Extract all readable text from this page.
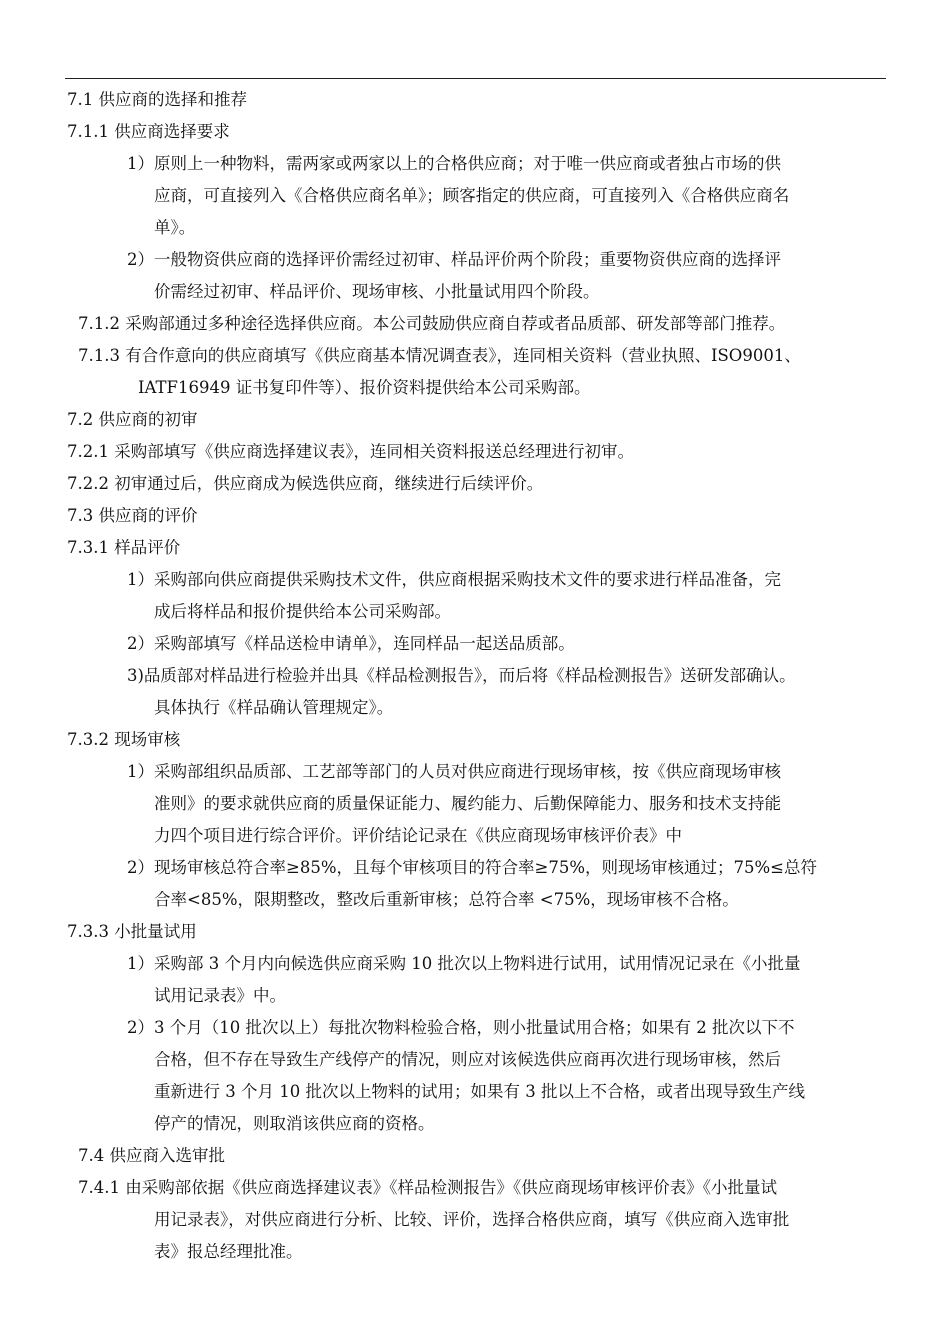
7.1 供应商的选择和推荐
7.1.1 供应商选择要求
1）原则上一种物料，需两家或两家以上的合格供应商；对于唯一供应商或者独占市场的供
应商，可直接列入《合格供应商名单》；顾客指定的供应商，可直接列入《合格供应商名
单》。
2）一般物资供应商的选择评价需经过初审、样品评价两个阶段；重要物资供应商的选择评
价需经过初审、样品评价、现场审核、小批量试用四个阶段。
7.1.2 采购部通过多种途径选择供应商。本公司鼓励供应商自荐或者品质部、研发部等部门推荐。
7.1.3 有合作意向的供应商填写《供应商基本情况调查表》，连同相关资料（营业执照、ISO9001、
IATF16949 证书复印件等）、报价资料提供给本公司采购部。
7.2 供应商的初审
7.2.1 采购部填写《供应商选择建议表》，连同相关资料报送总经理进行初审。
7.2.2 初审通过后，供应商成为候选供应商，继续进行后续评价。
7.3 供应商的评价
7.3.1 样品评价
1）采购部向供应商提供采购技术文件，供应商根据采购技术文件的要求进行样品准备，完
成后将样品和报价提供给本公司采购部。
2）采购部填写《样品送检申请单》，连同样品一起送品质部。
3)品质部对样品进行检验并出具《样品检测报告》，而后将《样品检测报告》送研发部确认。
具体执行《样品确认管理规定》。
7.3.2 现场审核
1）采购部组织品质部、工艺部等部门的人员对供应商进行现场审核，按《供应商现场审核
准则》的要求就供应商的质量保证能力、履约能力、后勤保障能力、服务和技术支持能
力四个项目进行综合评价。评价结论记录在《供应商现场审核评价表》中
2）现场审核总符合率≥85%，且每个审核项目的符合率≥75%，则现场审核通过；75%≤总符
合率<85%，限期整改，整改后重新审核；总符合率 <75%，现场审核不合格。
7.3.3 小批量试用
1）采购部 3 个月内向候选供应商采购 10 批次以上物料进行试用，试用情况记录在《小批量
试用记录表》中。
2）3 个月（10 批次以上）每批次物料检验合格，则小批量试用合格；如果有 2 批次以下不
合格，但不存在导致生产线停产的情况，则应对该候选供应商再次进行现场审核，然后
重新进行 3 个月 10 批次以上物料的试用；如果有 3 批以上不合格，或者出现导致生产线
停产的情况，则取消该供应商的资格。
7.4 供应商入选审批
7.4.1 由采购部依据《供应商选择建议表》《样品检测报告》《供应商现场审核评价表》《小批量试
用记录表》，对供应商进行分析、比较、评价，选择合格供应商，填写《供应商入选审批
表》报总经理批准。
